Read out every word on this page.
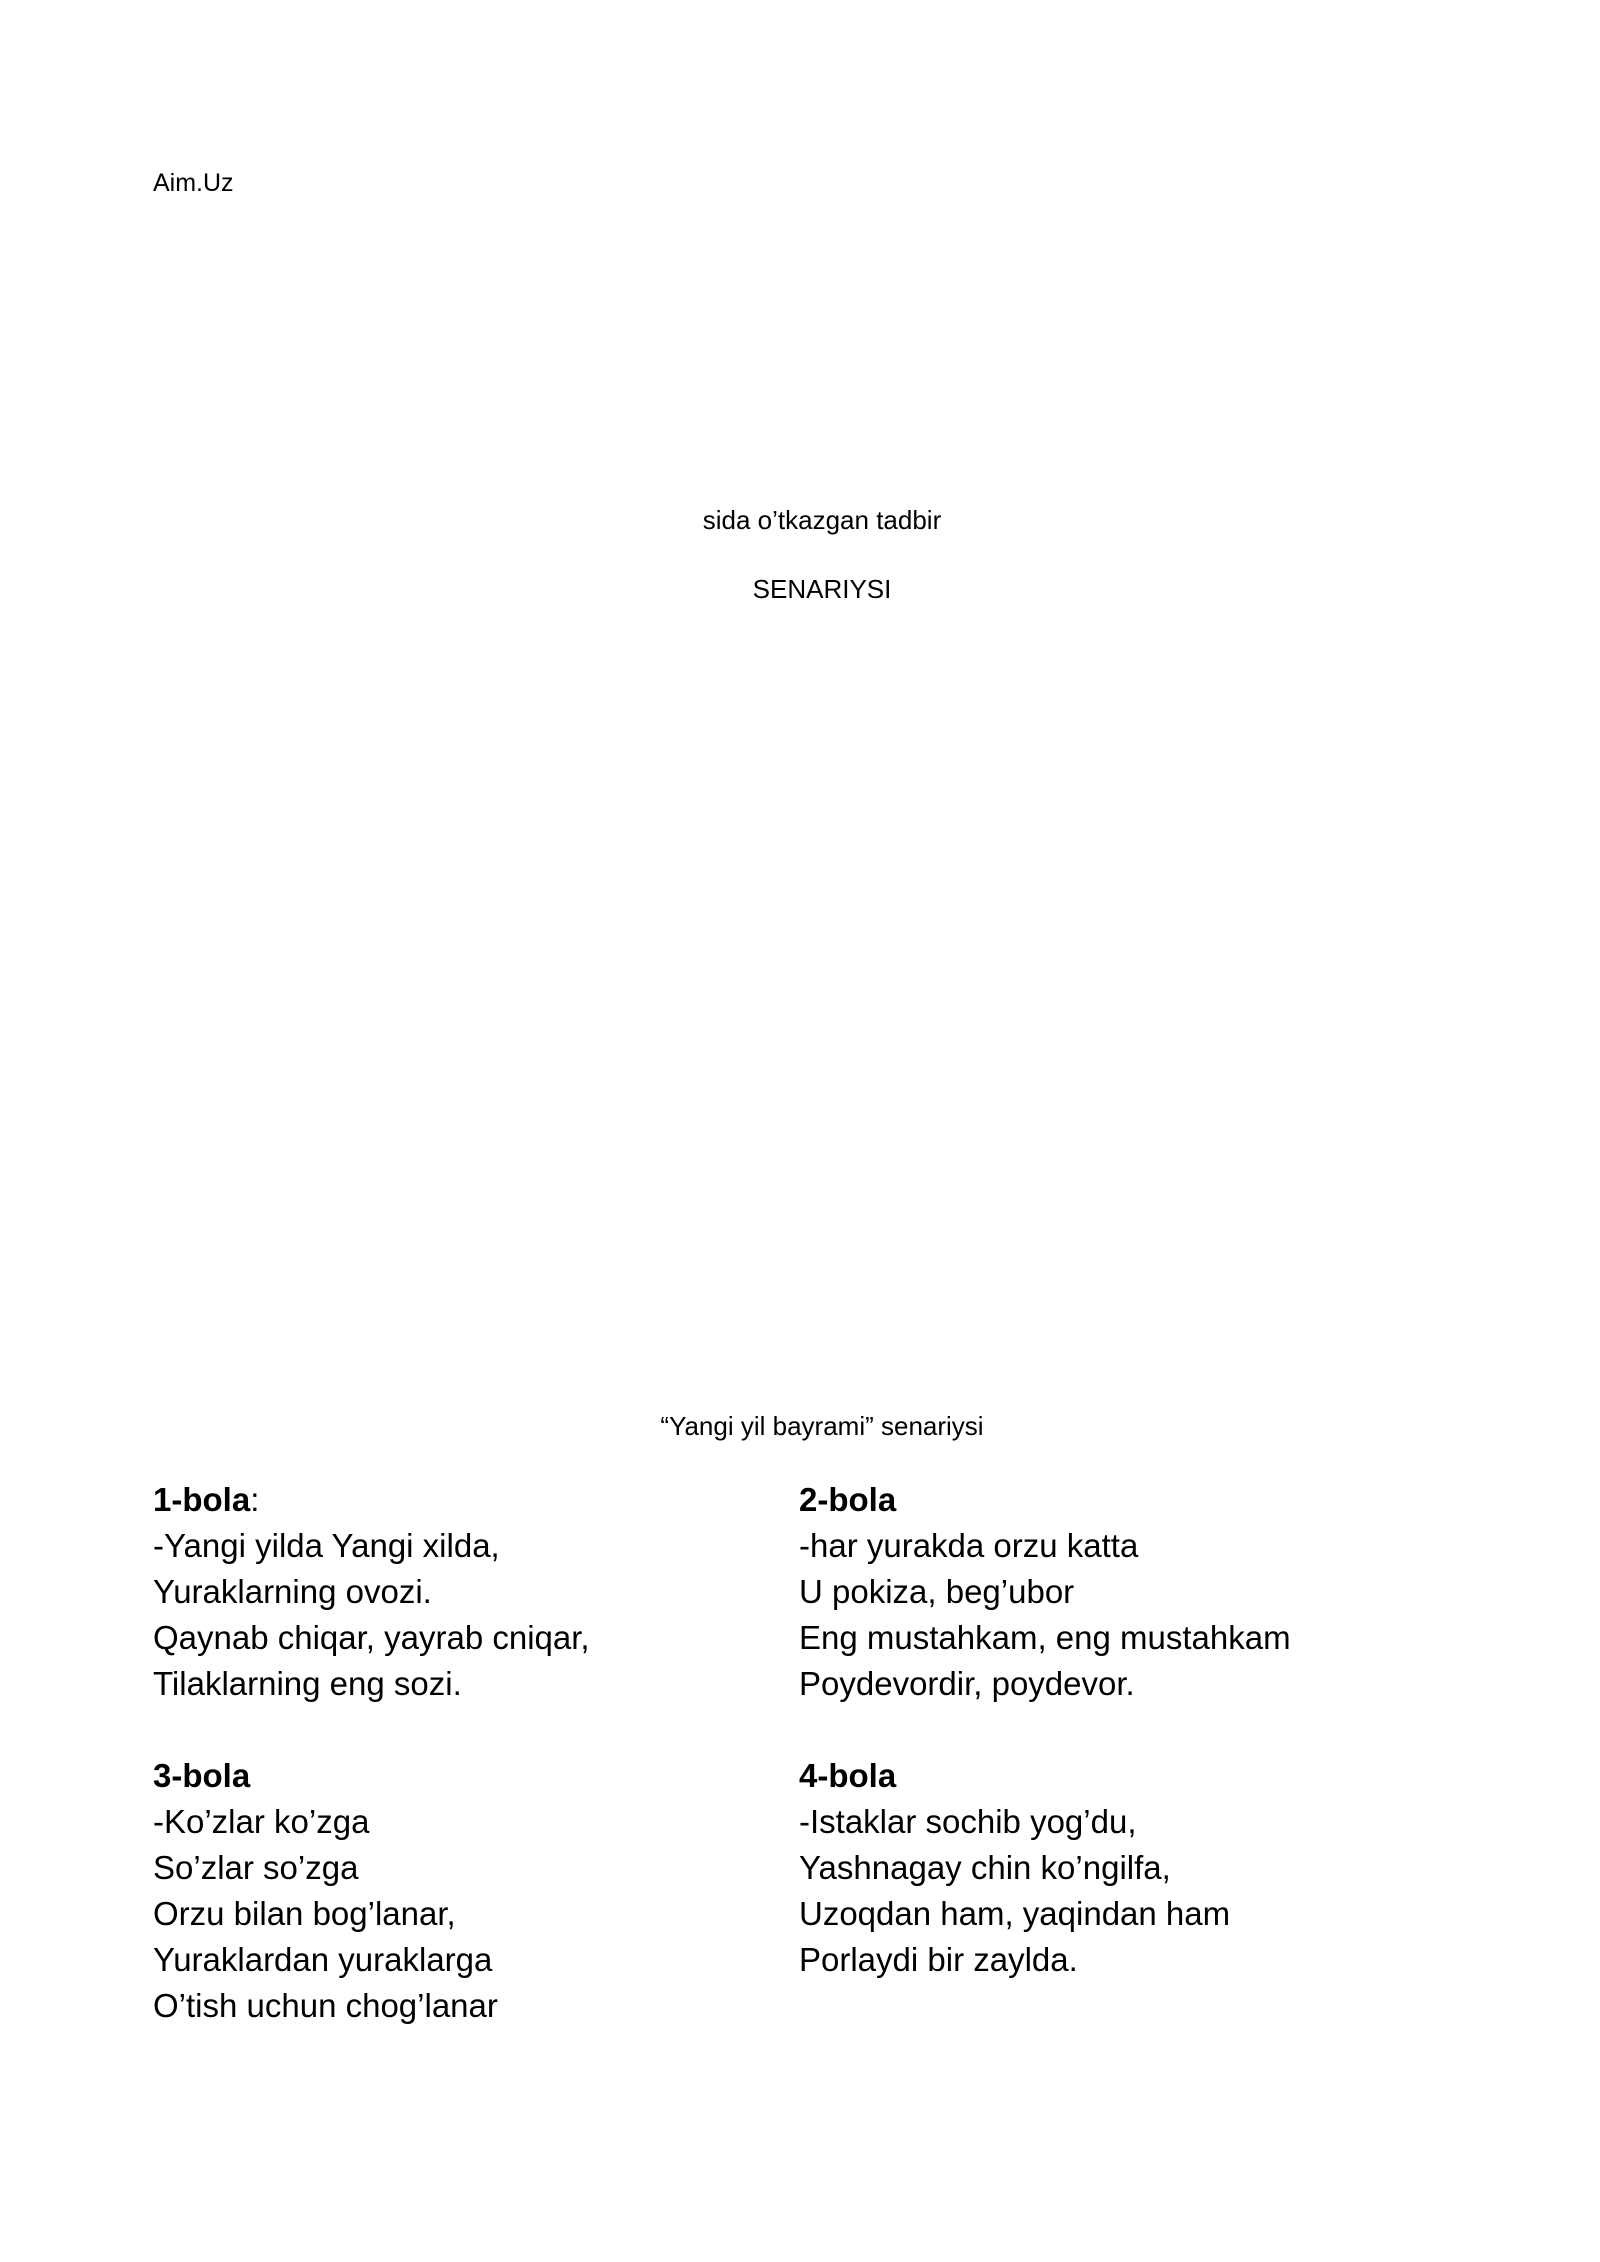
Aim.Uz
sida o’tkazgan tadbir
SENARIYSI
“Yangi yil bayrami” senariysi
1-bola:
-Yangi yilda Yangi xilda,
Yuraklarning ovozi.
Qaynab chiqar, yayrab cniqar,
Tilaklarning eng sozi.
2-bola
-har yurakda orzu katta
U pokiza, beg’ubor
Eng mustahkam, eng mustahkam
Poydevordir, poydevor.
3-bola
-Ko’zlar ko’zga
So’zlar so’zga
Orzu bilan bog’lanar,
Yuraklardan yuraklarga
O’tish uchun chog’lanar
4-bola
-Istaklar sochib yog’du,
Yashnagay chin ko’ngilfa,
Uzoqdan ham, yaqindan ham
Porlaydi bir zaylda.
